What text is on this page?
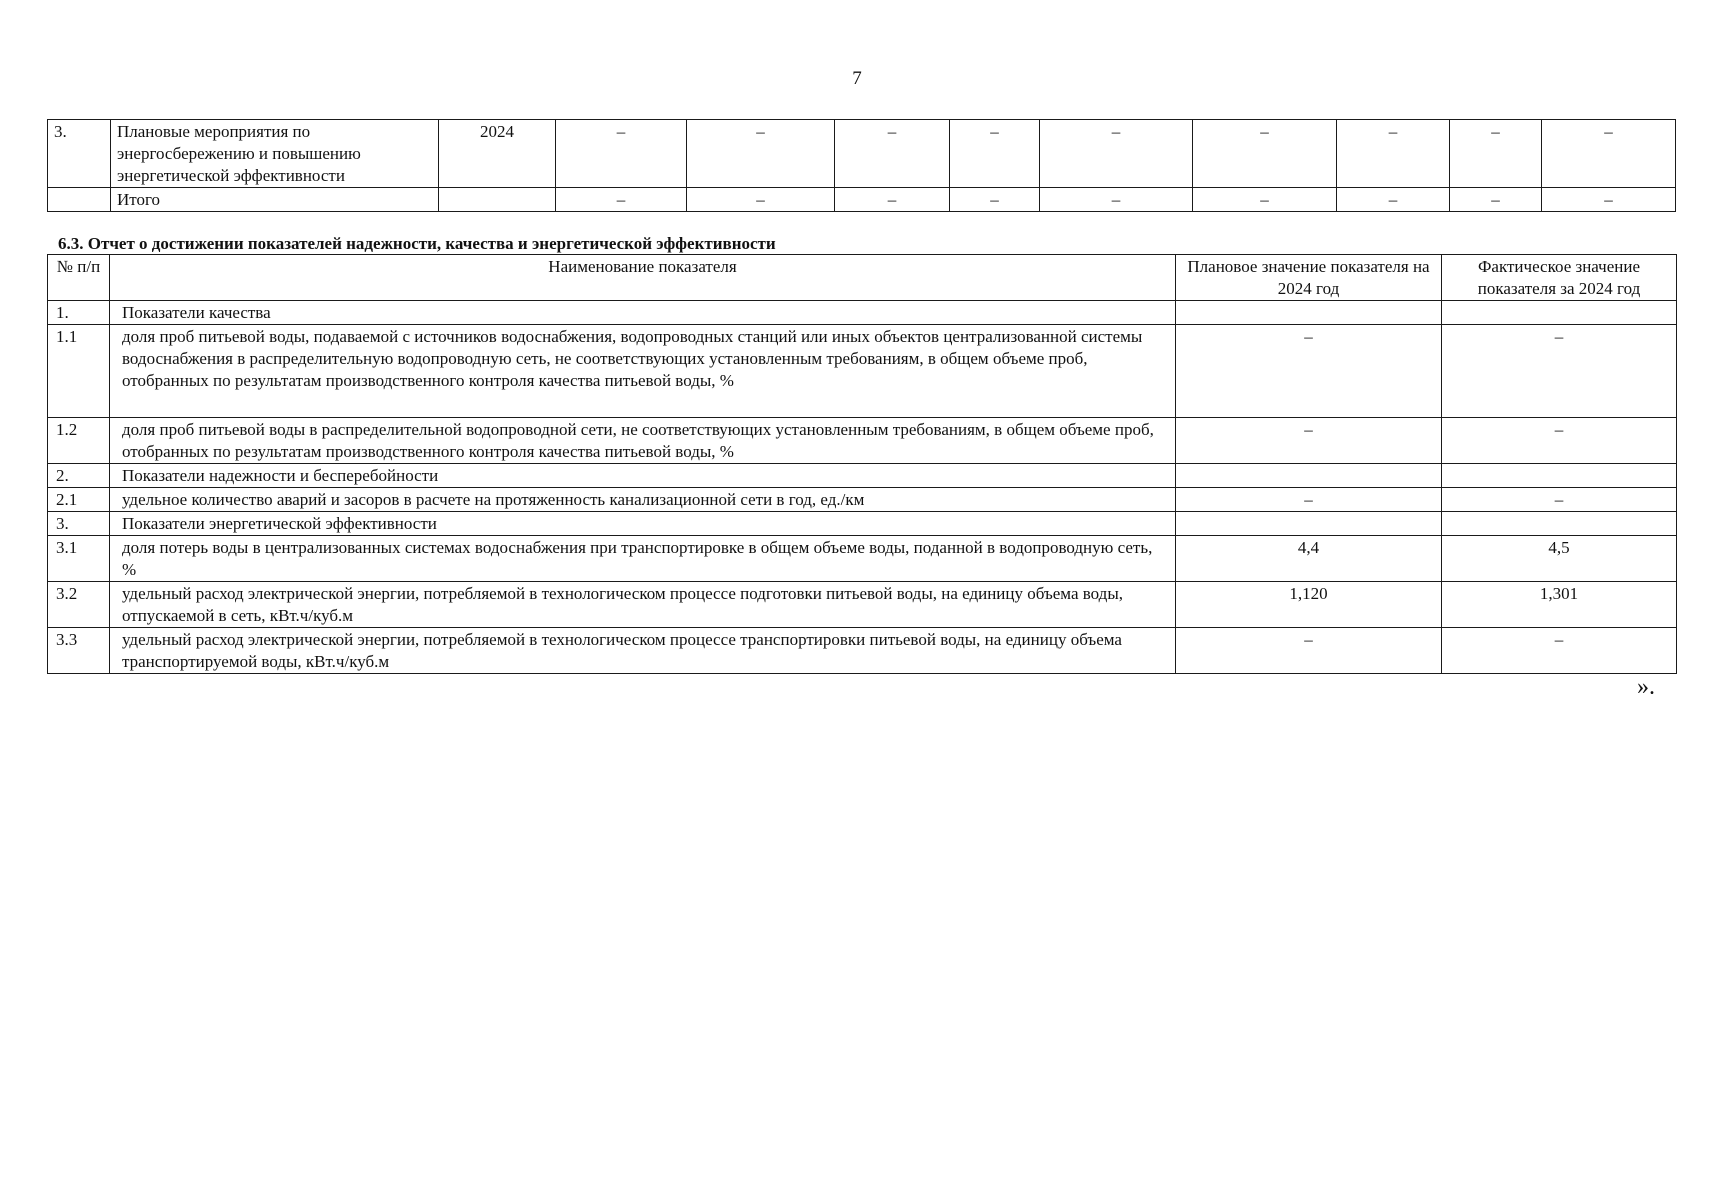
7
3.	Плановые мероприятия по энергосбережению и повышению энергетической эффективности	2024	–	–	–	–	–	–	–	–	–
	Итого		–	–	–	–	–	–	–	–	–
6.3. Отчет о достижении показателей надежности, качества и энергетической эффективности
№ п/п	Наименование показателя	Плановое значение показателя на 2024 год	Фактическое значение показателя за 2024 год
1.	Показатели качества		
1.1	доля проб питьевой воды, подаваемой с источников водоснабжения, водопроводных станций или иных объектов централизованной системы водоснабжения в распределительную водопроводную сеть, не соответствующих установленным требованиям, в общем объеме проб, отобранных по результатам производственного контроля качества питьевой воды, %	–	–
1.2	доля проб питьевой воды в распределительной водопроводной сети, не соответствующих установленным требованиям, в общем объеме проб, отобранных по результатам производственного контроля качества питьевой воды, %	–	–
2.	Показатели надежности и бесперебойности		
2.1	удельное количество аварий и засоров в расчете на протяженность канализационной сети в год, ед./км	–	–
3.	Показатели энергетической эффективности		
3.1	доля потерь воды в централизованных системах водоснабжения при транспортировке в общем объеме воды, поданной в водопроводную сеть, %	4,4	4,5
3.2	удельный расход электрической энергии, потребляемой в технологическом процессе подготовки питьевой воды, на единицу объема воды, отпускаемой в сеть, кВт.ч/куб.м	1,120	1,301
3.3	удельный расход электрической энергии, потребляемой в технологическом процессе транспортировки питьевой воды, на единицу объема транспортируемой воды, кВт.ч/куб.м	–	–
».
